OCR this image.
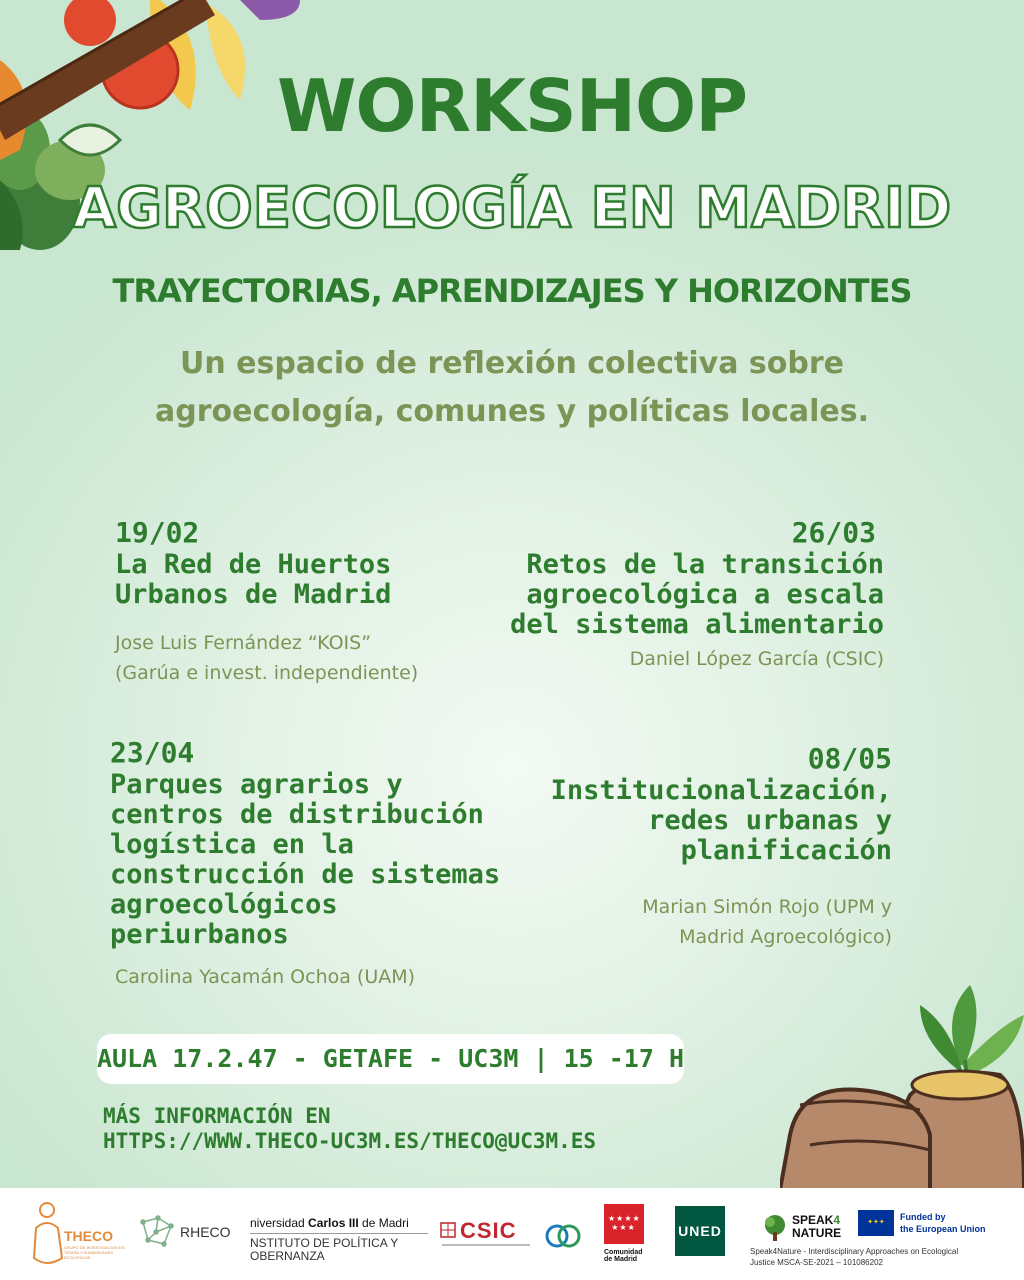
WORKSHOP
AGROECOLOGÍA EN MADRID
TRAYECTORIAS, APRENDIZAJES Y HORIZONTES
Un espacio de reflexión colectiva sobre
agroecología, comunes y políticas locales.
19/02
La Red de Huertos
Urbanos de Madrid
Jose Luis Fernández “KOIS”
(Garúa e invest. independiente)
26/03
Retos de la transición
agroecológica a escala
del sistema alimentario
Daniel López García (CSIC)
23/04
Parques agrarios y
centros de distribución
logística en la
construcción de sistemas
agroecológicos
periurbanos
Carolina Yacamán Ochoa (UAM)
08/05
Institucionalización,
redes urbanas y
planificación
Marian Simón Rojo (UPM y
Madrid Agroecológico)
AULA 17.2.47 - GETAFE - UC3M | 15 -17 H
MÁS INFORMACIÓN EN
HTTPS://WWW.THECO-UC3M.ES/THECO@UC3M.ES
THECO
GRUPO DE INVESTIGACIÓN EN TEORÍA Y HUMANIDADES ECOLÓGICAS
RHECO
niversidad Carlos III de Madri
NSTITUTO DE POLÍTICA Y
OBERNANZA
CSIC	★★★★
★★★
Comunidad
de Madrid
UNED
SPEAK4
NATURE
✦✦✦
Funded by
the European Union
Speak4Nature - Interdisciplinary Approaches on Ecological
Justice MSCA-SE-2021 – 101086202
